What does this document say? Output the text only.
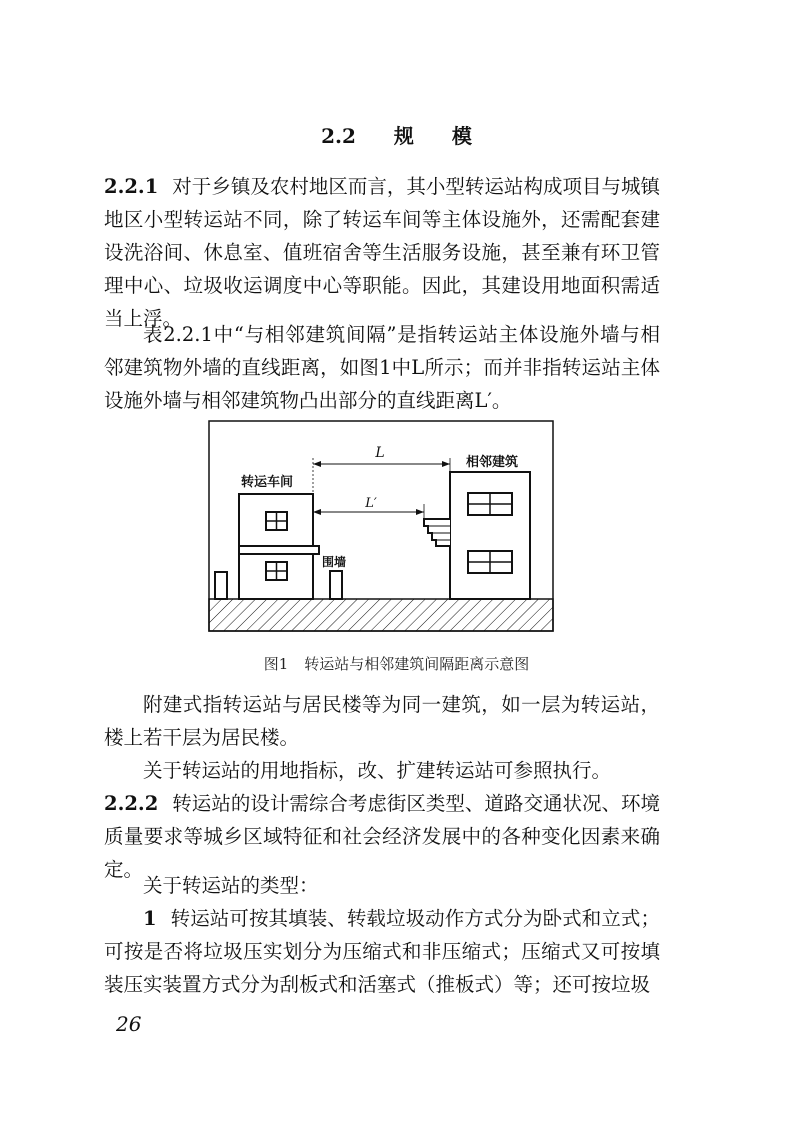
2.2 规 模

2.2.1 对于乡镇及农村地区而言，其小型转运站构成项目与城镇地区小型转运站不同，除了转运车间等主体设施外，还需配套建设洗浴间、休息室、值班宿舍等生活服务设施，甚至兼有环卫管理中心、垃圾收运调度中心等职能。因此，其建设用地面积需适当上浮。

表2.2.1中“与相邻建筑间隔”是指转运站主体设施外墙与相邻建筑物外墙的直线距离，如图1中L所示；而并非指转运站主体设施外墙与相邻建筑物凸出部分的直线距离L′。

L
L′
转运车间
相邻建筑
围墙
图1 转运站与相邻建筑间隔距离示意图

附建式指转运站与居民楼等为同一建筑，如一层为转运站，楼上若干层为居民楼。

关于转运站的用地指标，改、扩建转运站可参照执行。

2.2.2 转运站的设计需综合考虑街区类型、道路交通状况、环境质量要求等城乡区域特征和社会经济发展中的各种变化因素来确定。

关于转运站的类型：

1 转运站可按其填装、转载垃圾动作方式分为卧式和立式；可按是否将垃圾压实划分为压缩式和非压缩式；压缩式又可按填装压实装置方式分为刮板式和活塞式（推板式）等；还可按垃圾

26
